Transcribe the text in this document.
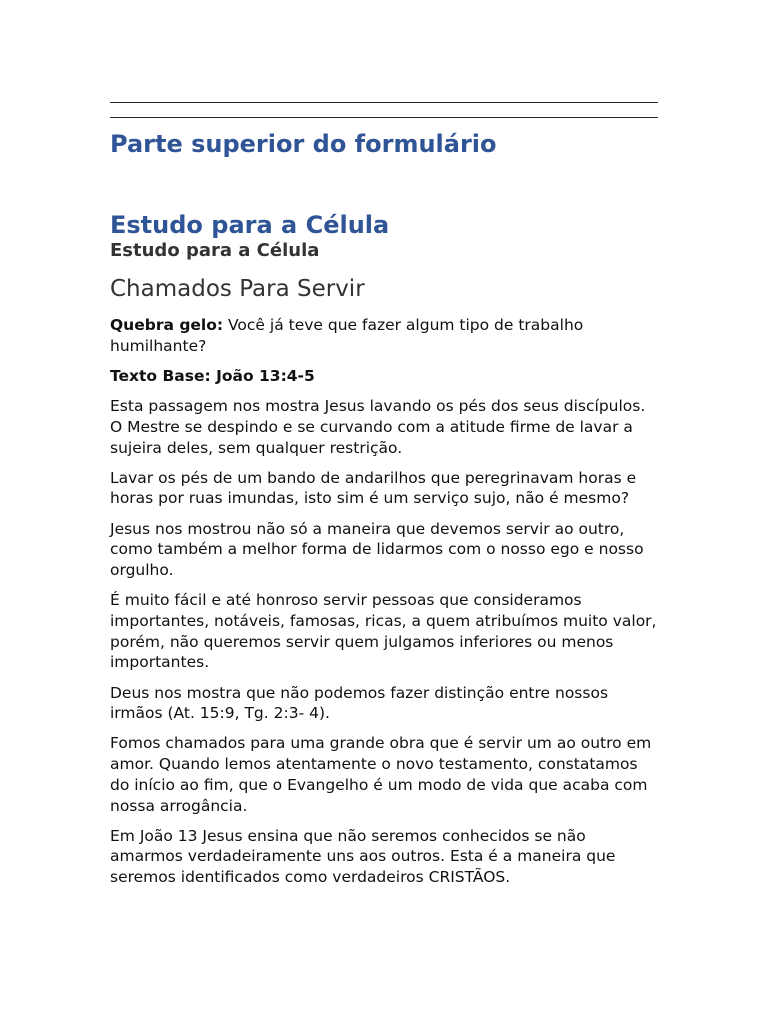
Parte superior do formulário
Estudo para a Célula
Estudo para a Célula
Chamados Para Servir

Quebra gelo: Você já teve que fazer algum tipo de trabalho humilhante?

Texto Base: João 13:4-5

Esta passagem nos mostra Jesus lavando os pés dos seus discípulos. O Mestre se despindo e se curvando com a atitude firme de lavar a sujeira deles, sem qualquer restrição.

Lavar os pés de um bando de andarilhos que peregrinavam horas e horas por ruas imundas, isto sim é um serviço sujo, não é mesmo?

Jesus nos mostrou não só a maneira que devemos servir ao outro, como também a melhor forma de lidarmos com o nosso ego e nosso orgulho.

É muito fácil e até honroso servir pessoas que consideramos importantes, notáveis, famosas, ricas, a quem atribuímos muito valor, porém, não queremos servir quem julgamos inferiores ou menos importantes.

Deus nos mostra que não podemos fazer distinção entre nossos irmãos (At. 15:9, Tg. 2:3- 4).

Fomos chamados para uma grande obra que é servir um ao outro em amor. Quando lemos atentamente o novo testamento, constatamos do início ao fim, que o Evangelho é um modo de vida que acaba com nossa arrogância.

Em João 13 Jesus ensina que não seremos conhecidos se não amarmos verdadeiramente uns aos outros. Esta é a maneira que seremos identificados como verdadeiros CRISTÃOS.
